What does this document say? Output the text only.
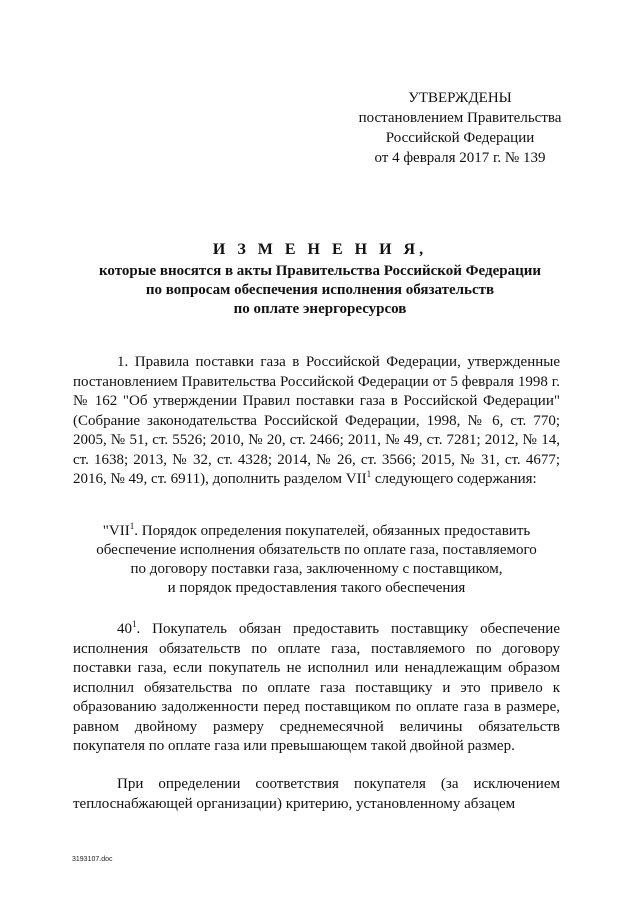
УТВЕРЖДЕНЫ
постановлением Правительства
Российской Федерации
от 4 февраля 2017 г. № 139
И З М Е Н Е Н И Я,
которые вносятся в акты Правительства Российской Федерации
по вопросам обеспечения исполнения обязательств
по оплате энергоресурсов

1. Правила поставки газа в Российской Федерации, утвержденные постановлением Правительства Российской Федерации от 5 февраля 1998 г. № 162 "Об утверждении Правил поставки газа в Российской Федерации" (Собрание законодательства Российской Федерации, 1998, № 6, ст. 770; 2005, № 51, ст. 5526; 2010, № 20, ст. 2466; 2011, № 49, ст. 7281; 2012, № 14, ст. 1638; 2013, № 32, ст. 4328; 2014, № 26, ст. 3566; 2015, № 31, ст. 4677; 2016, № 49, ст. 6911), дополнить разделом VII$^1$ следующего содержания:

"VII$^1$. Порядок определения покупателей, обязанных предоставить
обеспечение исполнения обязательств по оплате газа, поставляемого
по договору поставки газа, заключенному с поставщиком,
и порядок предоставления такого обеспечения

$40^1$. Покупатель обязан предоставить поставщику обеспечение исполнения обязательств по оплате газа, поставляемого по договору поставки газа, если покупатель не исполнил или ненадлежащим образом исполнил обязательства по оплате газа поставщику и это привело к образованию задолженности перед поставщиком по оплате газа в размере, равном двойному размеру среднемесячной величины обязательств покупателя по оплате газа или превышающем такой двойной размер.

При определении соответствия покупателя (за исключением теплоснабжающей организации) критерию, установленному абзацем

3193107.doc
